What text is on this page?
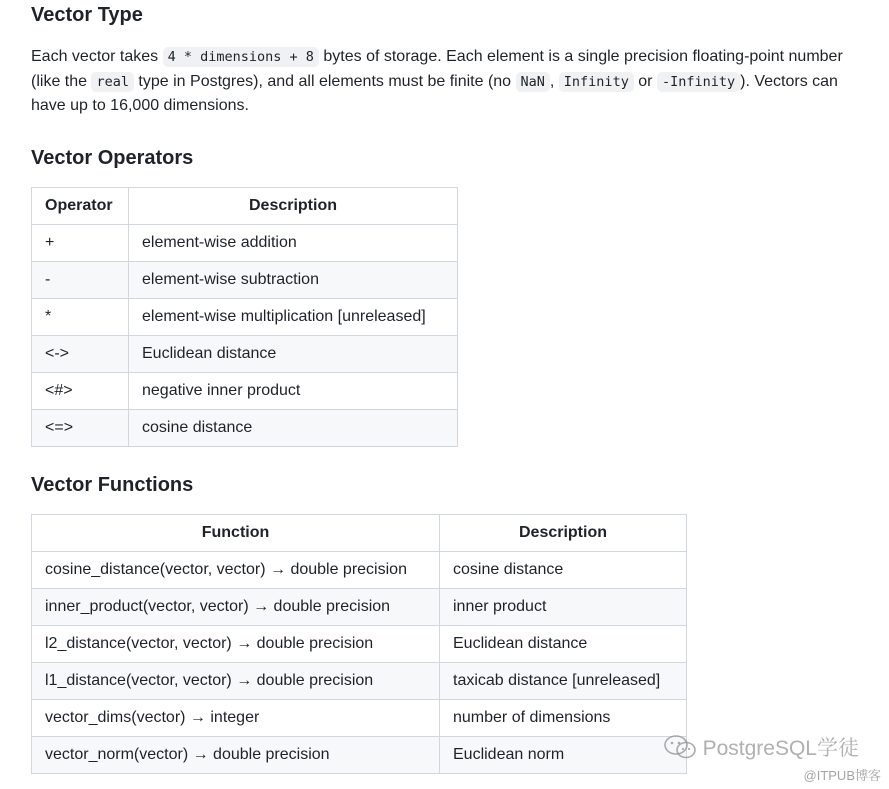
Vector Type

Each vector takes 4 * dimensions + 8 bytes of storage. Each element is a single precision floating-point number (like the real type in Postgres), and all elements must be finite (no NaN , Infinity or -Infinity ). Vectors can have up to 16,000 dimensions.

Vector Operators
Operator	Description
+	element-wise addition
-	element-wise subtraction
*	element-wise multiplication [unreleased]
<->	Euclidean distance
<#>	negative inner product
<=>	cosine distance
Vector Functions
Function	Description
cosine_distance(vector, vector) → double precision	cosine distance
inner_product(vector, vector) → double precision	inner product
l2_distance(vector, vector) → double precision	Euclidean distance
l1_distance(vector, vector) → double precision	taxicab distance [unreleased]
vector_dims(vector) → integer	number of dimensions
vector_norm(vector) → double precision	Euclidean norm	PostgreSQL学徒
@ITPUB博客
